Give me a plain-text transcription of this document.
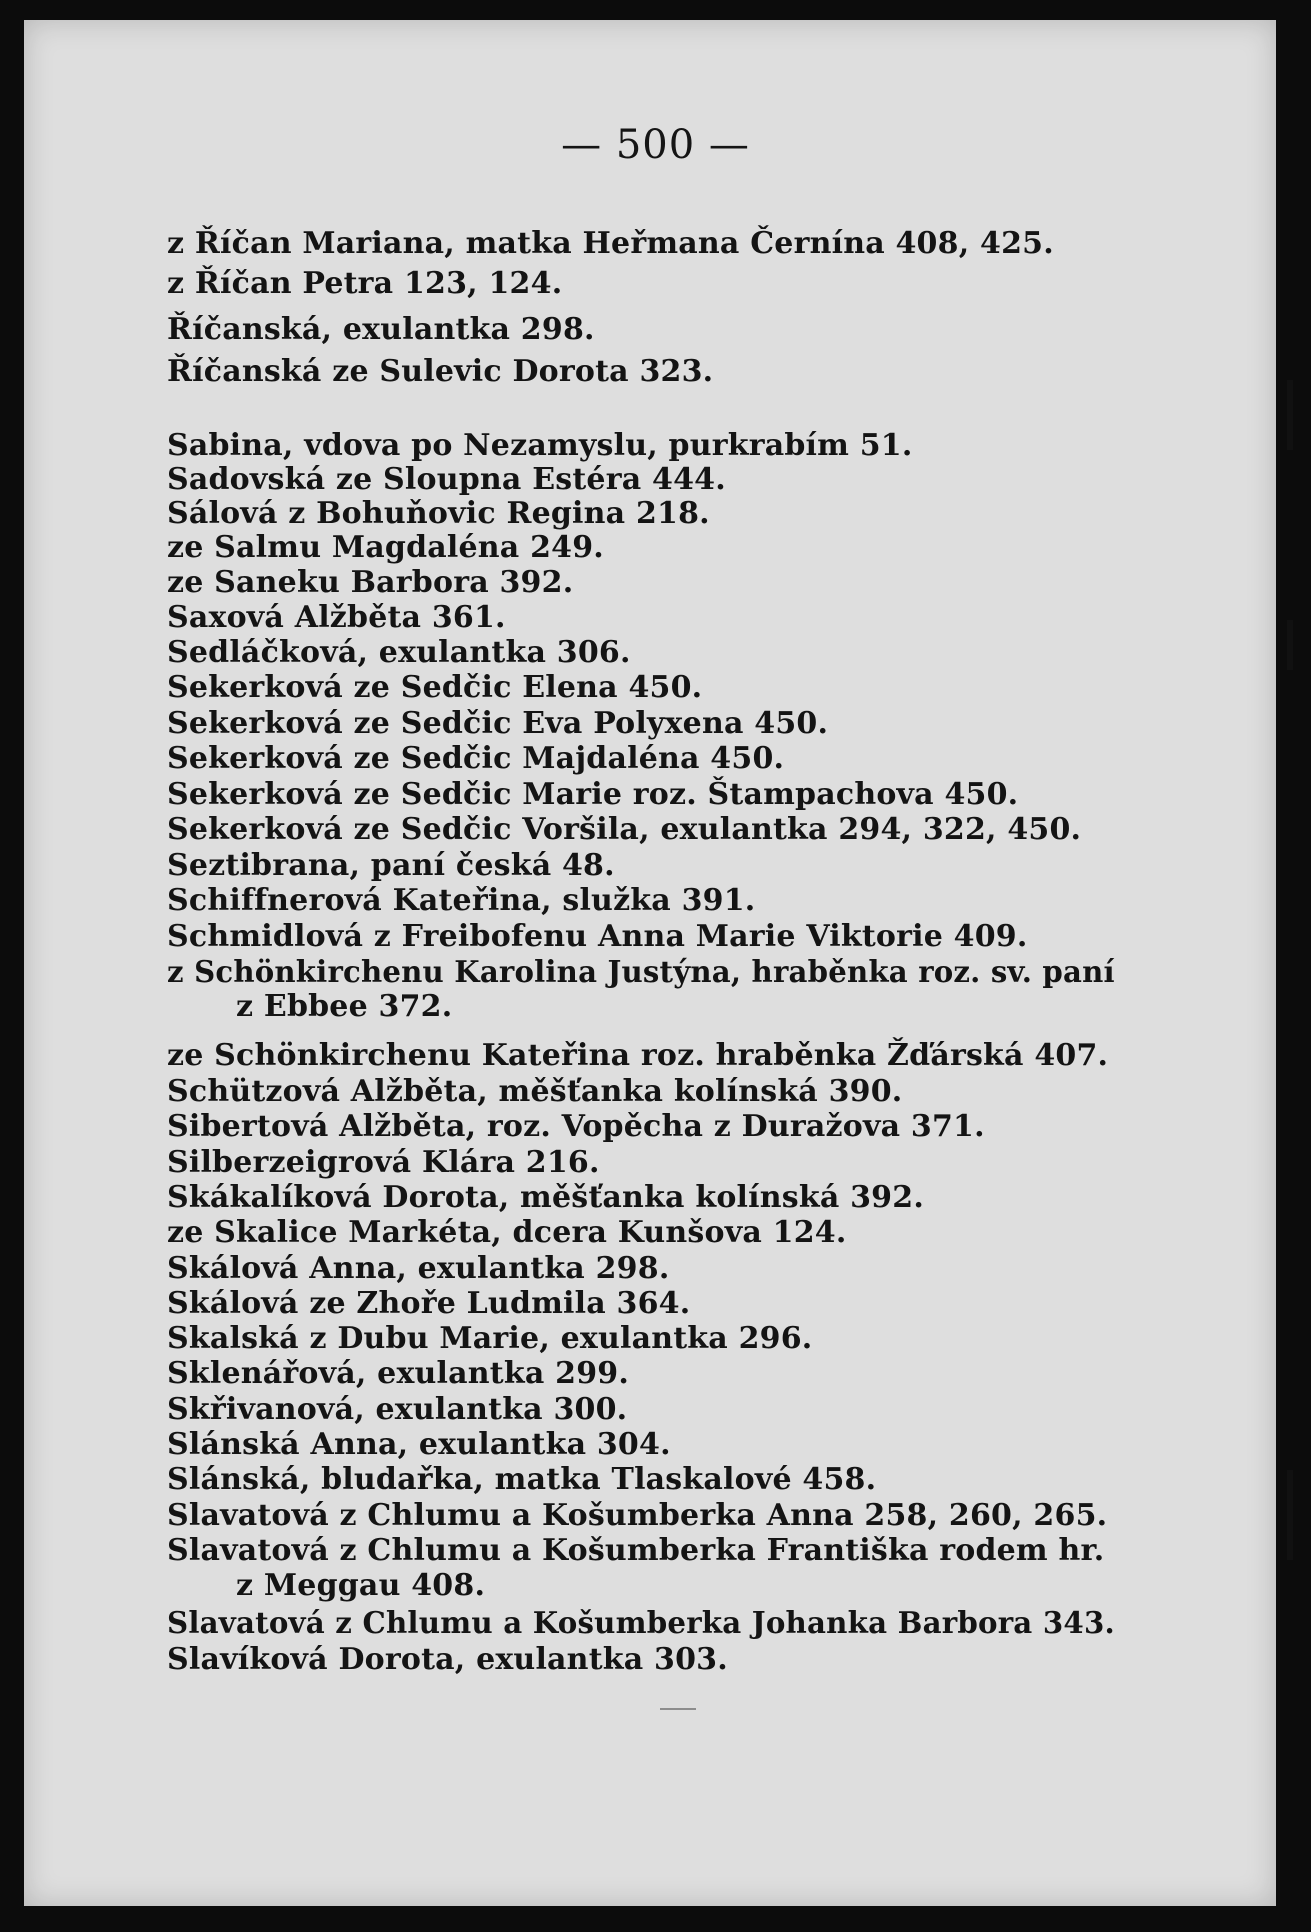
— 500 —
z Říčan Mariana, matka Heřmana Černína 408, 425.
z Říčan Petra 123, 124.
Říčanská, exulantka 298.
Říčanská ze Sulevic Dorota 323.
Sabina, vdova po Nezamyslu, purkrabím 51.
Sadovská ze Sloupna Estéra 444.
Sálová z Bohuňovic Regina 218.
ze Salmu Magdaléna 249.
ze Saneku Barbora 392.
Saxová Alžběta 361.
Sedláčková, exulantka 306.
Sekerková ze Sedčic Elena 450.
Sekerková ze Sedčic Eva Polyxena 450.
Sekerková ze Sedčic Majdaléna 450.
Sekerková ze Sedčic Marie roz. Štampachova 450.
Sekerková ze Sedčic Voršila, exulantka 294, 322, 450.
Seztibrana, paní česká 48.
Schiffnerová Kateřina, služka 391.
Schmidlová z Freibofenu Anna Marie Viktorie 409.
z Schönkirchenu Karolina Justýna, hraběnka roz. sv. paní
z Ebbee 372.
ze Schönkirchenu Kateřina roz. hraběnka Žďárská 407.
Schützová Alžběta, měšťanka kolínská 390.
Sibertová Alžběta, roz. Vopěcha z Duražova 371.
Silberzeigrová Klára 216.
Skákalíková Dorota, měšťanka kolínská 392.
ze Skalice Markéta, dcera Kunšova 124.
Skálová Anna, exulantka 298.
Skálová ze Zhoře Ludmila 364.
Skalská z Dubu Marie, exulantka 296.
Sklenářová, exulantka 299.
Skřivanová, exulantka 300.
Slánská Anna, exulantka 304.
Slánská, bludařka, matka Tlaskalové 458.
Slavatová z Chlumu a Košumberka Anna 258, 260, 265.
Slavatová z Chlumu a Košumberka Františka rodem hr.
z Meggau 408.
Slavatová z Chlumu a Košumberka Johanka Barbora 343.
Slavíková Dorota, exulantka 303.
